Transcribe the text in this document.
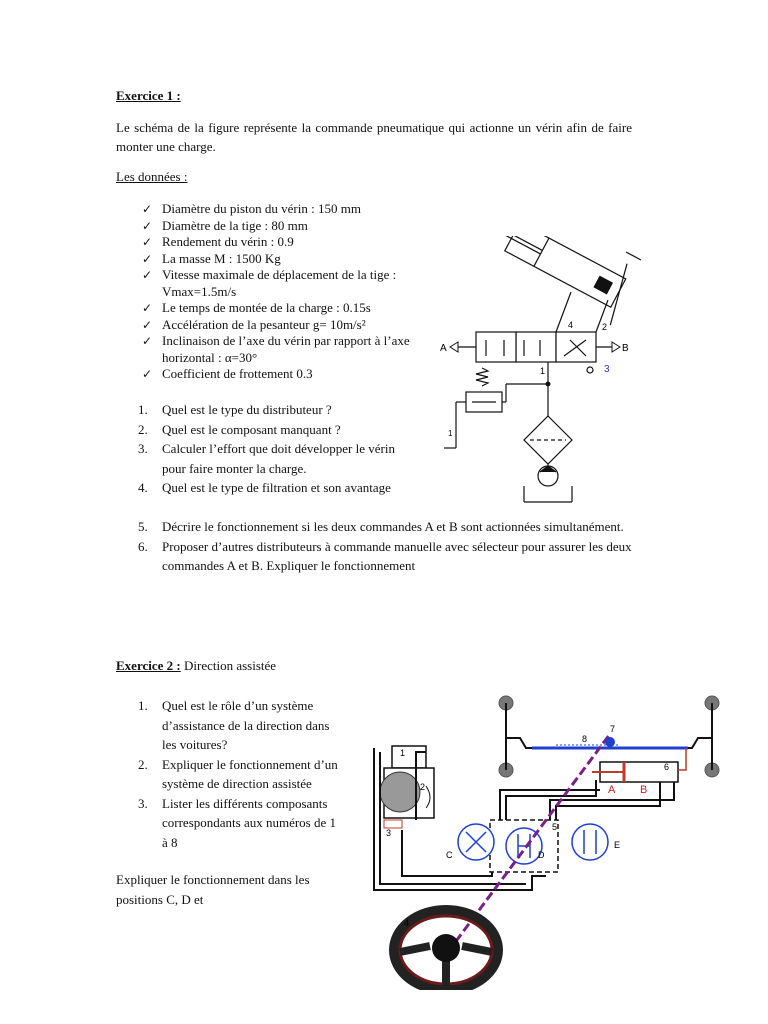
Exercice 1 :
Le schéma de la figure représente la commande pneumatique qui actionne un vérin afin de faire monter une charge.
Les données :
✓ Diamètre du piston du vérin : 150 mm
✓ Diamètre de la tige : 80 mm
✓ Rendement du vérin : 0.9
✓ La masse M : 1500 Kg
✓ Vitesse maximale de déplacement de la tige : Vmax=1.5m/s
✓ Le temps de montée de la charge : 0.15s
✓ Accélération de la pesanteur g= 10m/s²
✓ Inclinaison de l’axe du vérin par rapport à l’axe horizontal : α=30°
✓ Coefficient de frottement 0.3
1. Quel est le type du distributeur ?
2. Quel est le composant manquant ?
3. Calculer l’effort que doit développer le vérin pour faire monter la charge.
4. Quel est le type de filtration et son avantage
5. Décrire le fonctionnement si les deux commandes A et B sont actionnées simultanément.
6. Proposer d’autres distributeurs à commande manuelle avec sélecteur pour assurer les deux commandes A et B. Expliquer le fonctionnement
A	B
1
2
3
4
1
Exercice 2 : Direction assistée
1. Quel est le rôle d’un système d’assistance de la direction dans les voitures?
2. Expliquer le fonctionnement d’un système de direction assistée
3. Lister les différents composants correspondants aux numéros de 1 à 8
Expliquer le fonctionnement dans les positions C, D et
1
2
3
4
5
6
7
8
A B
C	D
E
